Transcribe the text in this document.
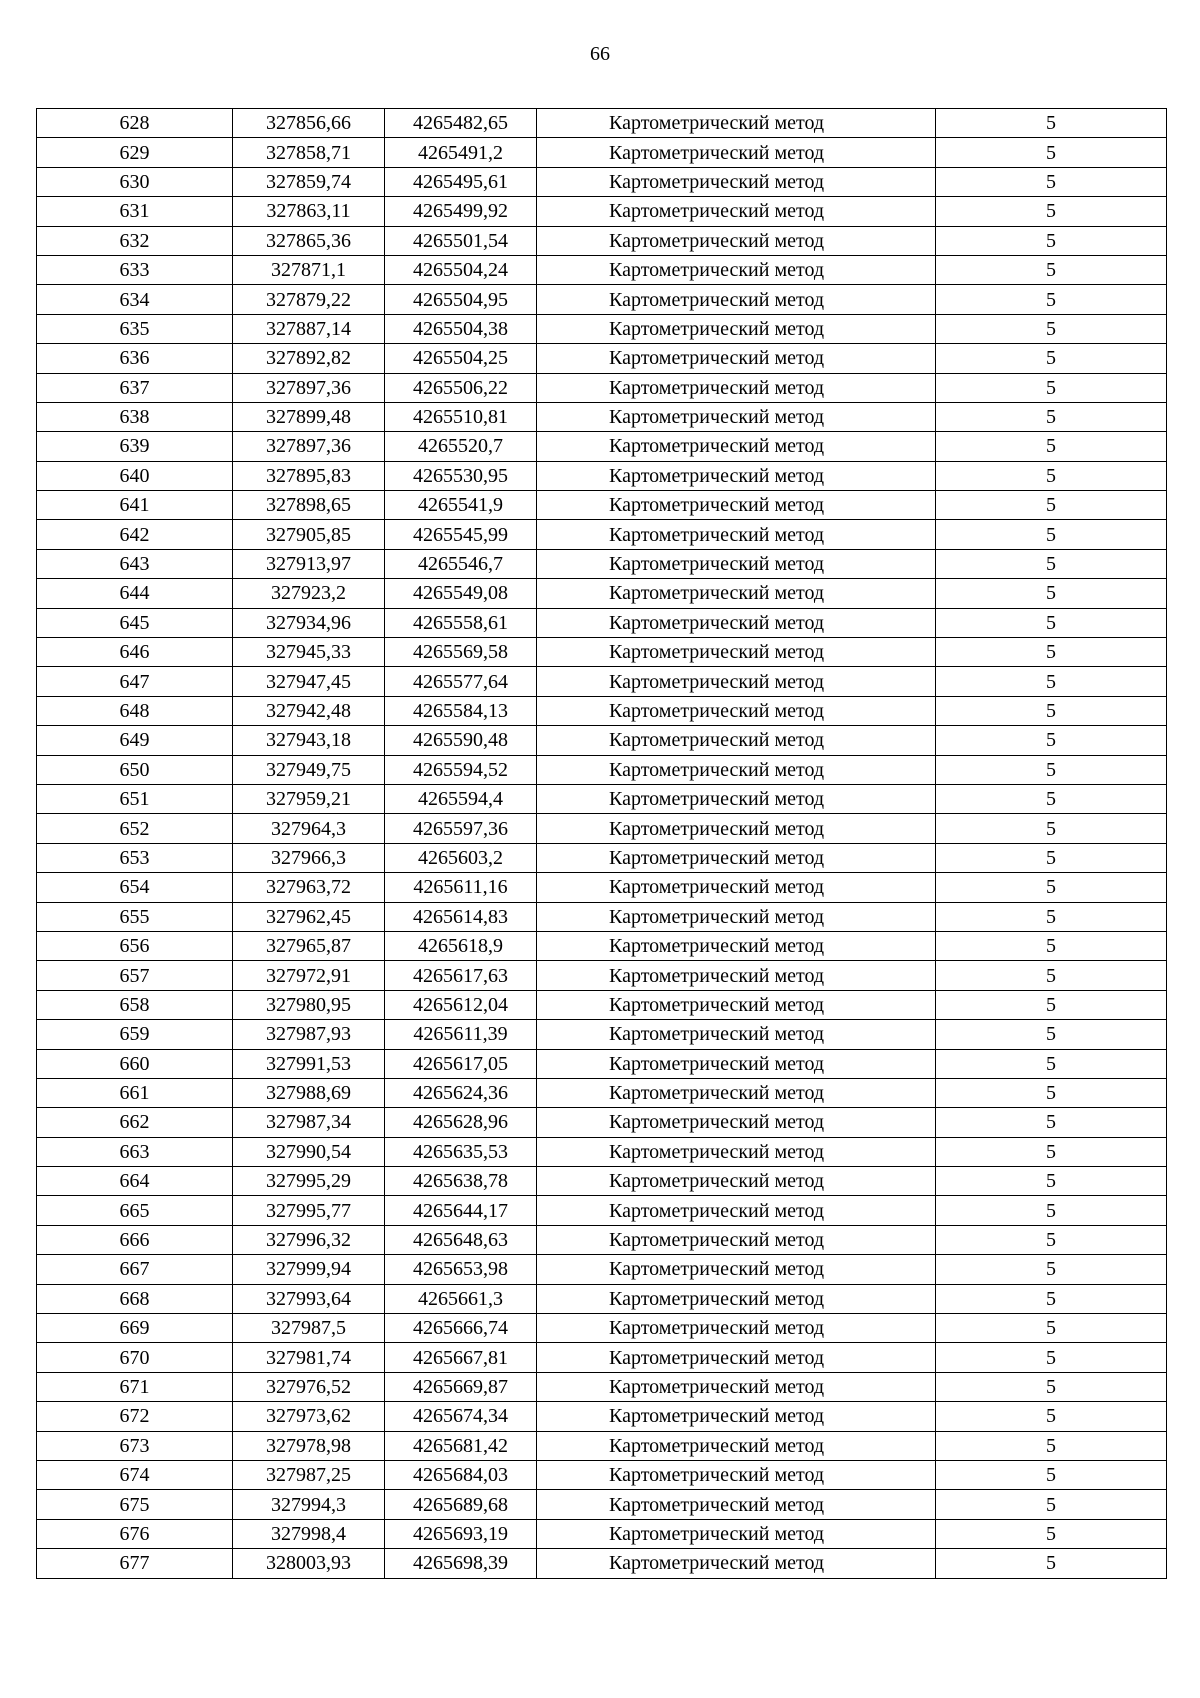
66
628	327856,66	4265482,65	Картометрический метод	5
629	327858,71	4265491,2	Картометрический метод	5
630	327859,74	4265495,61	Картометрический метод	5
631	327863,11	4265499,92	Картометрический метод	5
632	327865,36	4265501,54	Картометрический метод	5
633	327871,1	4265504,24	Картометрический метод	5
634	327879,22	4265504,95	Картометрический метод	5
635	327887,14	4265504,38	Картометрический метод	5
636	327892,82	4265504,25	Картометрический метод	5
637	327897,36	4265506,22	Картометрический метод	5
638	327899,48	4265510,81	Картометрический метод	5
639	327897,36	4265520,7	Картометрический метод	5
640	327895,83	4265530,95	Картометрический метод	5
641	327898,65	4265541,9	Картометрический метод	5
642	327905,85	4265545,99	Картометрический метод	5
643	327913,97	4265546,7	Картометрический метод	5
644	327923,2	4265549,08	Картометрический метод	5
645	327934,96	4265558,61	Картометрический метод	5
646	327945,33	4265569,58	Картометрический метод	5
647	327947,45	4265577,64	Картометрический метод	5
648	327942,48	4265584,13	Картометрический метод	5
649	327943,18	4265590,48	Картометрический метод	5
650	327949,75	4265594,52	Картометрический метод	5
651	327959,21	4265594,4	Картометрический метод	5
652	327964,3	4265597,36	Картометрический метод	5
653	327966,3	4265603,2	Картометрический метод	5
654	327963,72	4265611,16	Картометрический метод	5
655	327962,45	4265614,83	Картометрический метод	5
656	327965,87	4265618,9	Картометрический метод	5
657	327972,91	4265617,63	Картометрический метод	5
658	327980,95	4265612,04	Картометрический метод	5
659	327987,93	4265611,39	Картометрический метод	5
660	327991,53	4265617,05	Картометрический метод	5
661	327988,69	4265624,36	Картометрический метод	5
662	327987,34	4265628,96	Картометрический метод	5
663	327990,54	4265635,53	Картометрический метод	5
664	327995,29	4265638,78	Картометрический метод	5
665	327995,77	4265644,17	Картометрический метод	5
666	327996,32	4265648,63	Картометрический метод	5
667	327999,94	4265653,98	Картометрический метод	5
668	327993,64	4265661,3	Картометрический метод	5
669	327987,5	4265666,74	Картометрический метод	5
670	327981,74	4265667,81	Картометрический метод	5
671	327976,52	4265669,87	Картометрический метод	5
672	327973,62	4265674,34	Картометрический метод	5
673	327978,98	4265681,42	Картометрический метод	5
674	327987,25	4265684,03	Картометрический метод	5
675	327994,3	4265689,68	Картометрический метод	5
676	327998,4	4265693,19	Картометрический метод	5
677	328003,93	4265698,39	Картометрический метод	5
